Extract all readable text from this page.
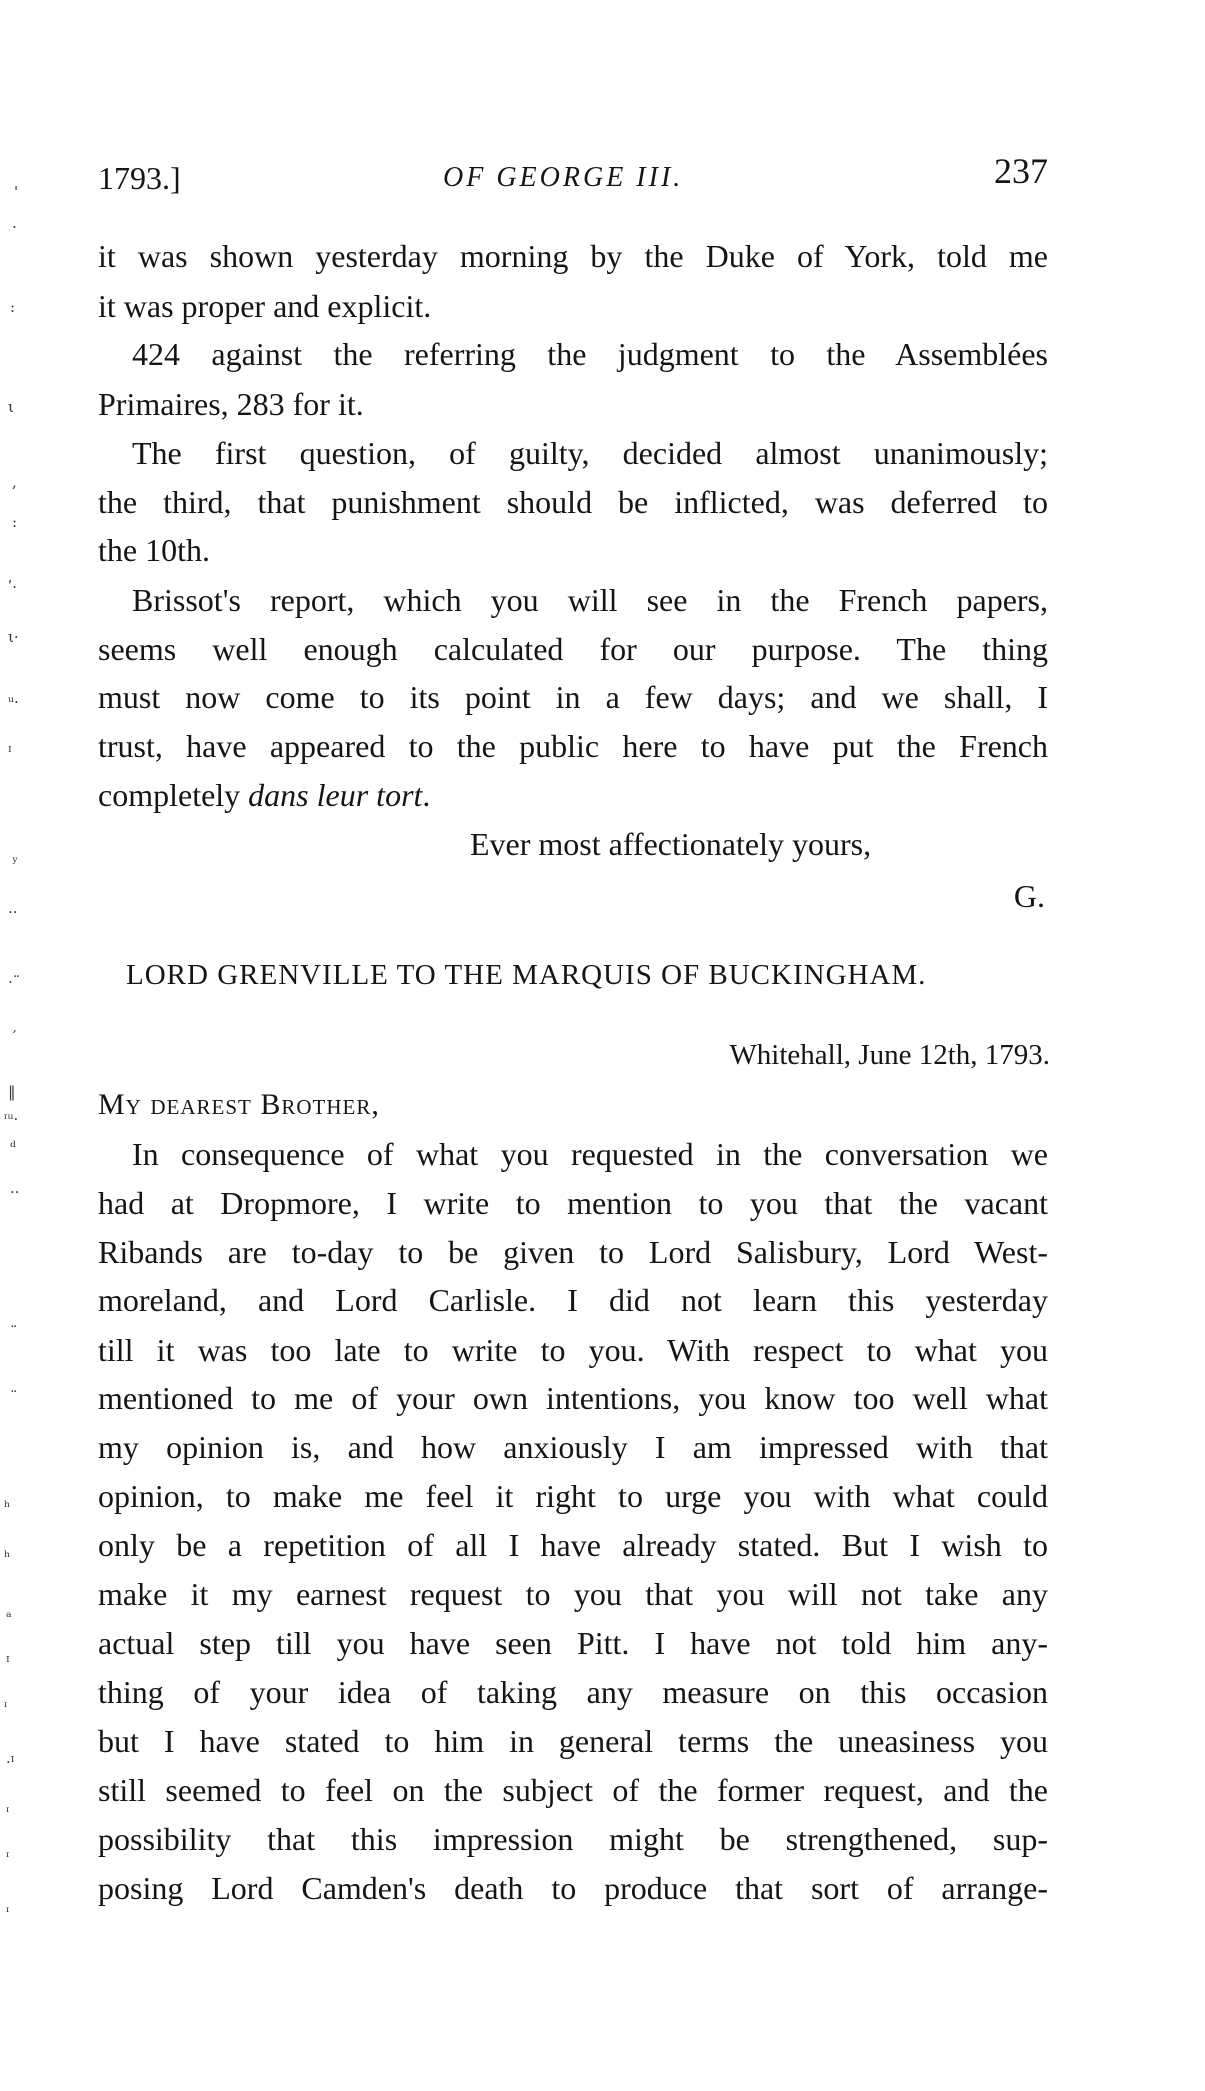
'
·
:
ι
,
:
ʹ·
ι·
ᵘ·
ᴵ
ʸ
··
·¨
´
‖
ᶦᵘ·
ᵈ
··
¨
¨
ʰ
ʰ
ᵃ
ᴵ
ᶦ
·ᴵ
ᶦ
ᶦ
ᶦ
1793.]	OF GEORGE III.	237
it was shown yesterday morning by the Duke of York, told me
it was proper and explicit.
424 against the referring the judgment to the Assemblées
Primaires, 283 for it.
The first question, of guilty, decided almost unanimously;
the third, that punishment should be inflicted, was deferred to
the 10th.
Brissot's report, which you will see in the French papers,
seems well enough calculated for our purpose. The thing
must now come to its point in a few days; and we shall, I
trust, have appeared to the public here to have put the French
completely dans leur tort.
Ever most affectionately yours,
G.
LORD GRENVILLE TO THE MARQUIS OF BUCKINGHAM.
Whitehall, June 12th, 1793.
My dearest Brother,
In consequence of what you requested in the conversation we
had at Dropmore, I write to mention to you that the vacant
Ribands are to-day to be given to Lord Salisbury, Lord West-
moreland, and Lord Carlisle. I did not learn this yesterday
till it was too late to write to you. With respect to what you
mentioned to me of your own intentions, you know too well what
my opinion is, and how anxiously I am impressed with that
opinion, to make me feel it right to urge you with what could
only be a repetition of all I have already stated. But I wish to
make it my earnest request to you that you will not take any
actual step till you have seen Pitt. I have not told him any-
thing of your idea of taking any measure on this occasion
but I have stated to him in general terms the uneasiness you
still seemed to feel on the subject of the former request, and the
possibility that this impression might be strengthened, sup-
posing Lord Camden's death to produce that sort of arrange-
